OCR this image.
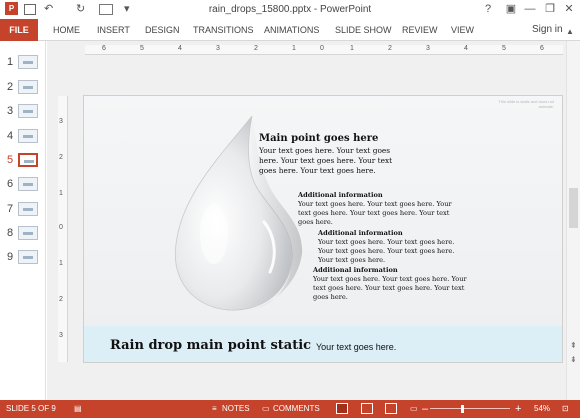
P	↶ ↻	▾	rain_drops_15800.pptx - PowerPoint	?	▣ — ❐ ✕
FILE	HOME INSERT DESIGN TRANSITIONS ANIMATIONS SLIDE SHOW REVIEW VIEW	Sign in ▲
1
2
3
4
5
6
7
8
9
6	5	4	3	2	1	0	1	2	3	4	5	6
3
2
1
0
1
2
3
⇞
⇟
This slide is static and does not animate.
Main point goes here
Your text goes here. Your text goes here. Your text goes here. Your text goes here. Your text goes here.
Additional information
Your text goes here. Your text goes here. Your text goes here. Your text goes here. Your text goes here.
Additional information
Your text goes here. Your text goes here. Your text goes here. Your text goes here. Your text goes here.
Additional information
Your text goes here. Your text goes here. Your text goes here. Your text goes here. Your text goes here.
Rain drop main point static Your text goes here.
SLIDE 5 OF 9 ▤	≡ NOTES ▭ COMMENTS	▭ –	+ 54% ⊡
